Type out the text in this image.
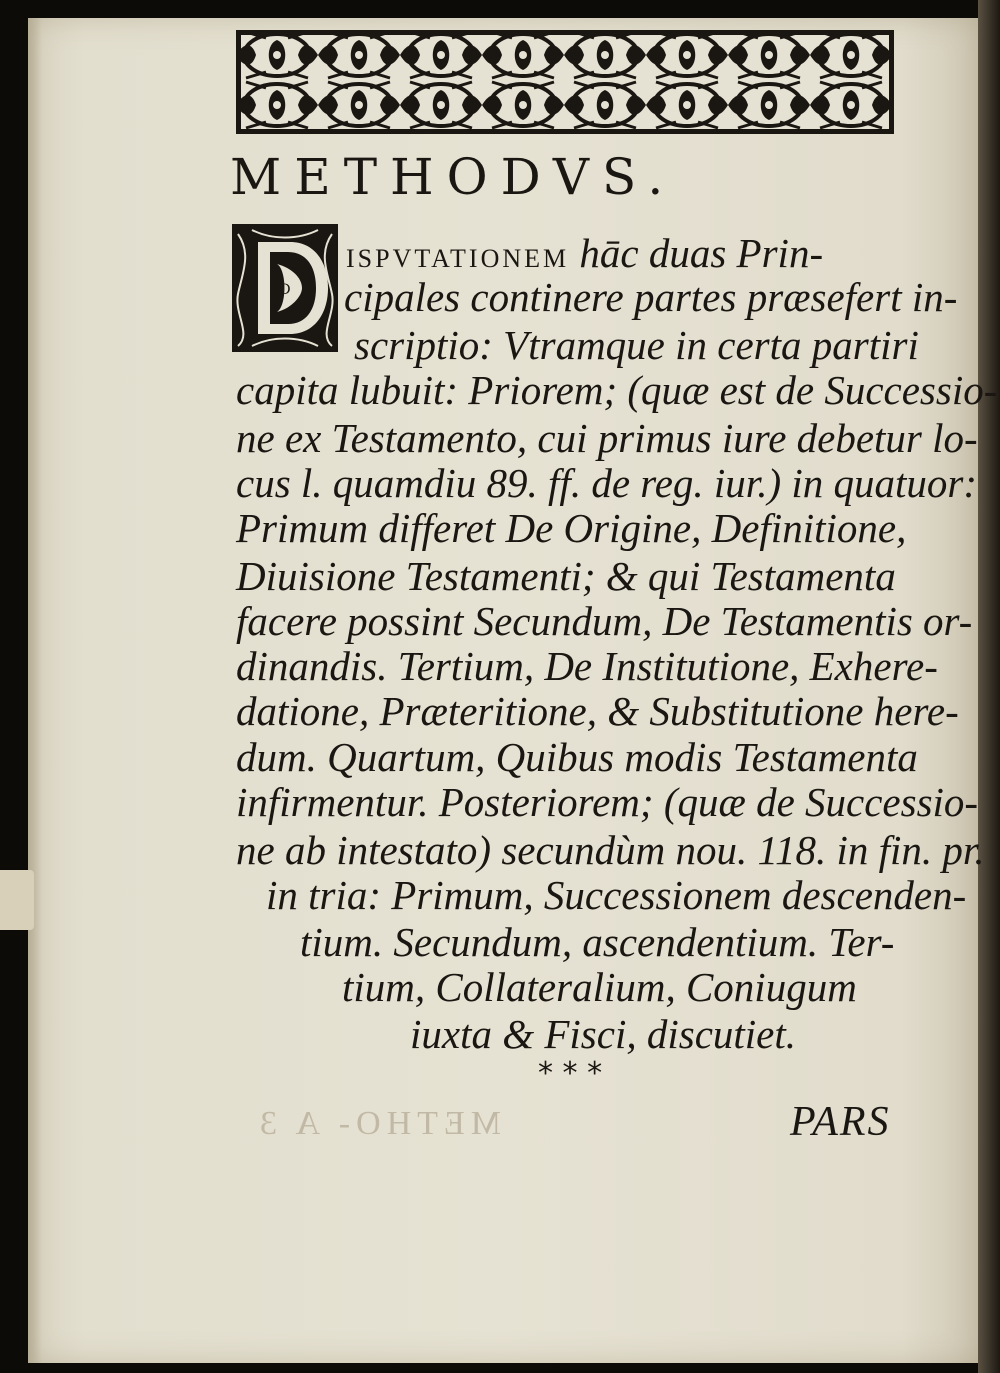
METHO- A 3
METHODVS.
D
ISPVTATIONEM hāc duas Prin-
cipales continere partes præsefert in-
scriptio: Vtramque in certa partiri
capita lubuit: Priorem; (quæ est de Successio-
ne ex Testamento, cui primus iure debetur lo-
cus l. quamdiu 89. ff. de reg. iur.) in quatuor:
Primum differet De Origine, Definitione,
Diuisione Testamenti; & qui Testamenta
facere possint Secundum, De Testamentis or-
dinandis. Tertium, De Institutione, Exhere-
datione, Præteritione, & Substitutione here-
dum. Quartum, Quibus modis Testamenta
infirmentur. Posteriorem; (quæ de Successio-
ne ab intestato) secundùm nou. 118. in fin. pr.
in tria: Primum, Successionem descenden-
tium. Secundum, ascendentium. Ter-
tium, Collateralium, Coniugum
iuxta & Fisci, discutiet.
* * *
PARS
